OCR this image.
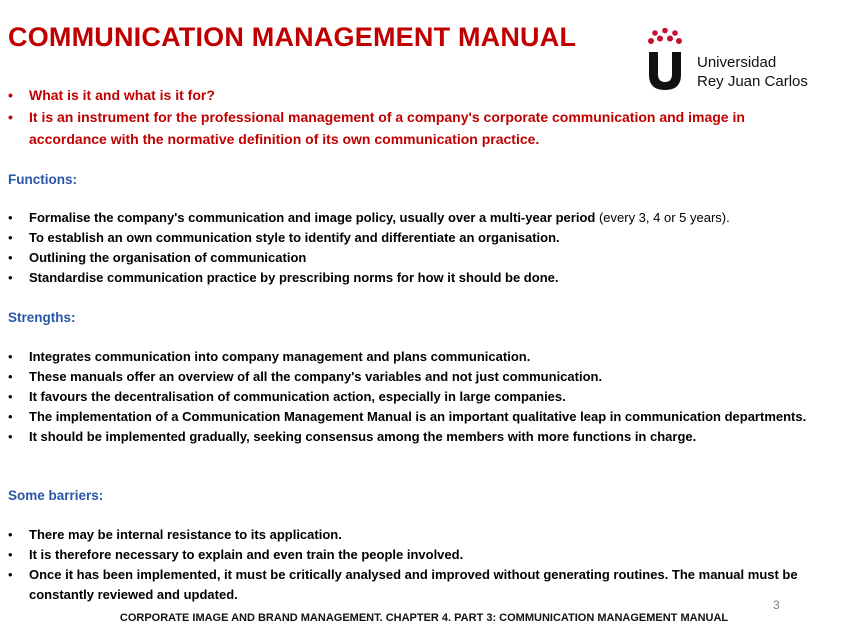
COMMUNICATION MANAGEMENT MANUAL
Universidad
Rey Juan Carlos
• What is it and what is it for?
• It is an instrument for the professional management of a company's corporate communication and image in accordance with the normative definition of its own communication practice.
Functions:
• Formalise the company's communication and image policy, usually over a multi-year period (every 3, 4 or 5 years).
• To establish an own communication style to identify and differentiate an organisation.
• Outlining the organisation of communication
• Standardise communication practice by prescribing norms for how it should be done.
Strengths:
• Integrates communication into company management and plans communication.
• These manuals offer an overview of all the company's variables and not just communication.
• It favours the decentralisation of communication action, especially in large companies.
• The implementation of a Communication Management Manual is an important qualitative leap in communication departments.
• It should be implemented gradually, seeking consensus among the members with more functions in charge.
Some barriers:
• There may be internal resistance to its application.
• It is therefore necessary to explain and even train the people involved.
• Once it has been implemented, it must be critically analysed and improved without generating routines. The manual must be constantly reviewed and updated.
3
CORPORATE IMAGE AND BRAND MANAGEMENT. CHAPTER 4. PART 3: COMMUNICATION MANAGEMENT MANUAL
